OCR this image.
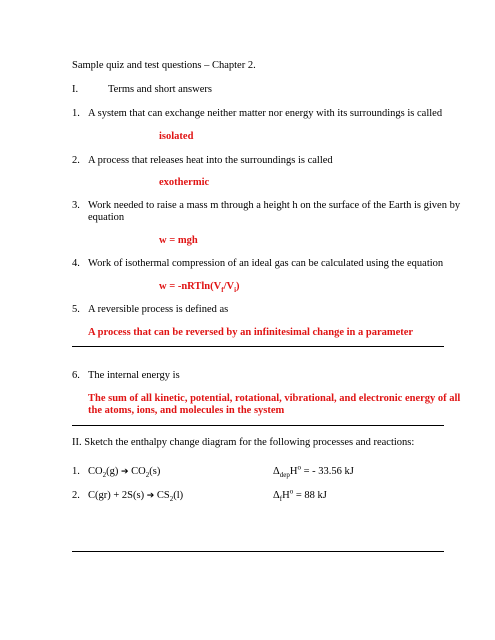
Sample quiz and test questions – Chapter 2.
I.	Terms and short answers
1. A system that can exchange neither matter nor energy with its surroundings is called
isolated
2. A process that releases heat into the surroundings is called
exothermic
3. Work needed to raise a mass m through a height h on the surface of the Earth is given by
equation
w = mgh
4. Work of isothermal compression of an ideal gas can be calculated using the equation
$w = -nRTln(V_f/V_i)$
5. A reversible process is defined as
A process that can be reversed by an infinitesimal change in a parameter
6. The internal energy is
The sum of all kinetic, potential, rotational, vibrational, and electronic energy of all
the atoms, ions, and molecules in the system
II. Sketch the enthalpy change diagram for the following processes and reactions:
1. $CO_2(g)$ ➔ $CO_2(s)$	$\Delta_{dep}H^o$ = - 33.56 kJ
2. C(gr) + 2S(s) ➔ $CS_2(l)$	$\Delta_fH^o = 88$ kJ
